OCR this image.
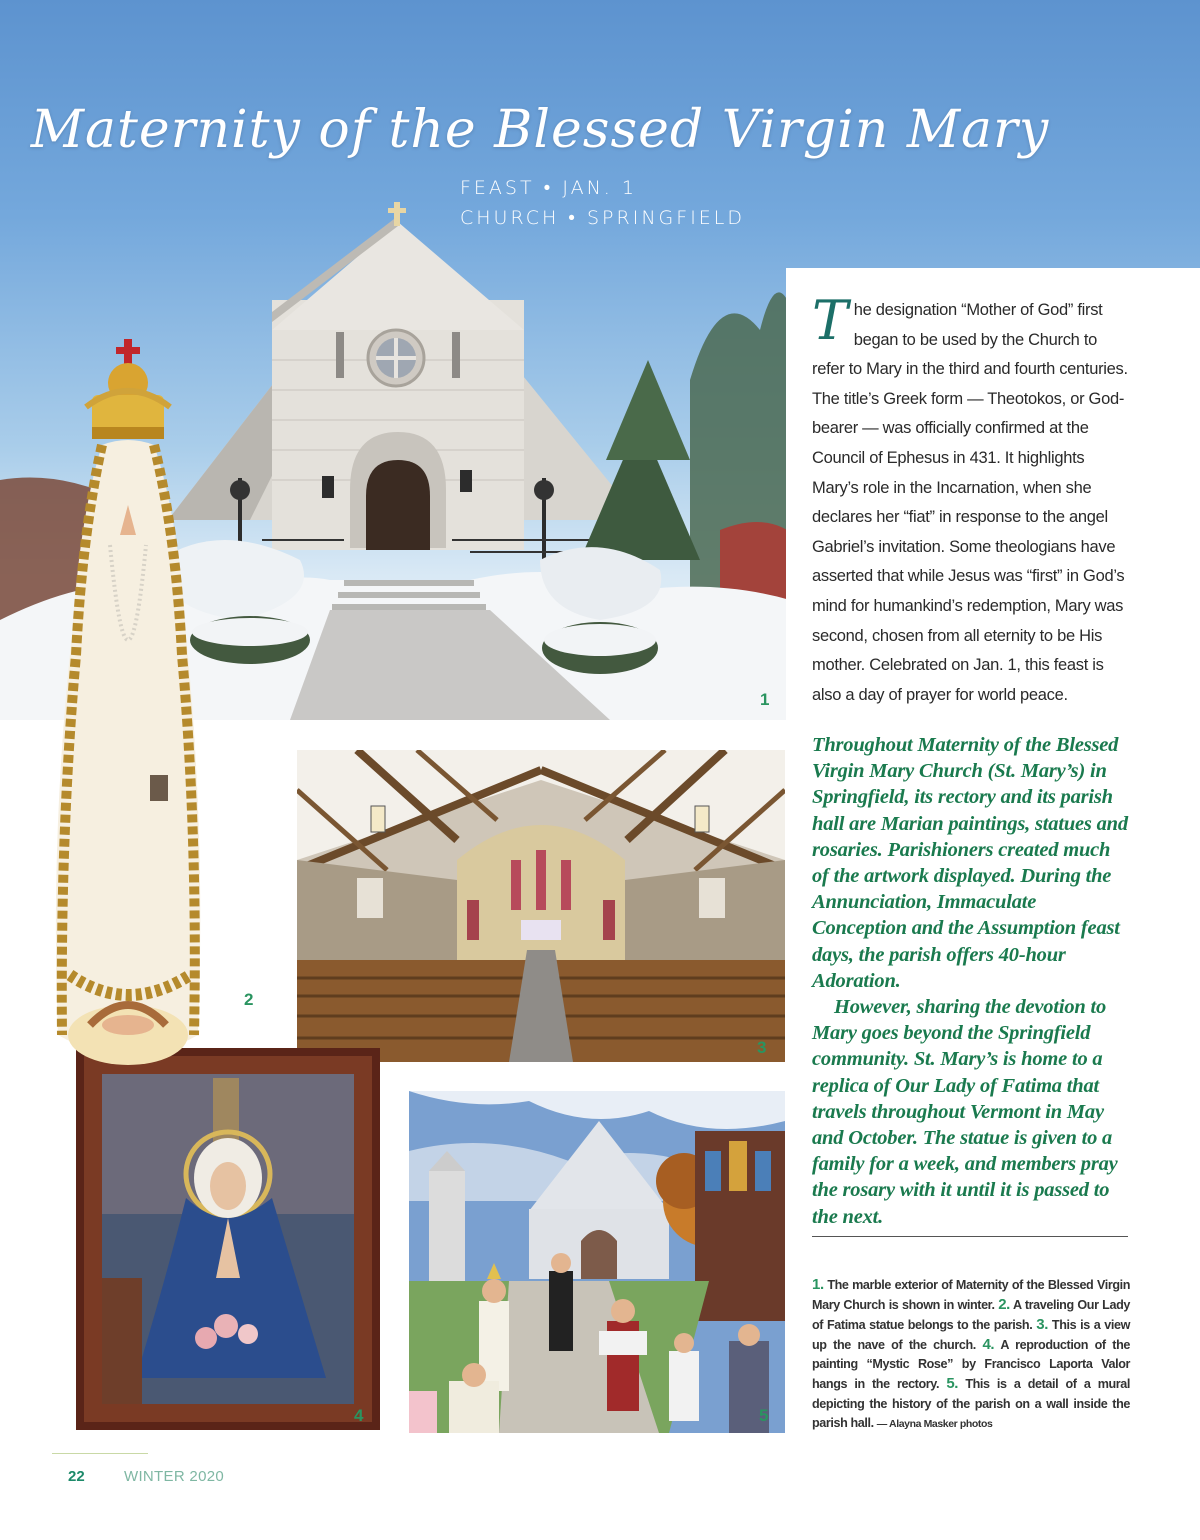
Maternity of the Blessed Virgin Mary
FEAST • JAN. 1
CHURCH • SPRINGFIELD
1
The designation “Mother of God” first began to be used by the Church to refer to Mary in the third and fourth centuries. The title’s Greek form — Theotokos, or God-bearer — was officially confirmed at the Council of Ephesus in 431. It highlights Mary’s role in the Incarnation, when she declares her “fiat” in response to the angel Gabriel’s invitation. Some theologians have asserted that while Jesus was “first” in God’s mind for humankind’s redemption, Mary was second, chosen from all eternity to be His mother. Celebrated on Jan. 1, this feast is also a day of prayer for world peace.

Throughout Maternity of the Blessed Virgin Mary Church (St. Mary’s) in Springfield, its rectory and its parish hall are Marian paintings, statues and rosaries. Parishioners created much of the artwork displayed. During the Annunciation, Immaculate Conception and the Assumption feast days, the parish offers 40-hour Adoration.

However, sharing the devotion to Mary goes beyond the Springfield community. St. Mary’s is home to a replica of Our Lady of Fatima that travels throughout Vermont in May and October. The statue is given to a family for a week, and members pray the rosary with it until it is passed to the next.

3
5
4
2
1. The marble exterior of Maternity of the Blessed Virgin Mary Church is shown in winter. 2. A traveling Our Lady of Fatima statue belongs to the parish. 3. This is a view up the nave of the church. 4. A reproduction of the painting “Mystic Rose” by Francisco Laporta Valor hangs in the rectory. 5. This is a detail of a mural depicting the history of the parish on a wall inside the parish hall. — Alayna Masker photos
22	WINTER 2020
